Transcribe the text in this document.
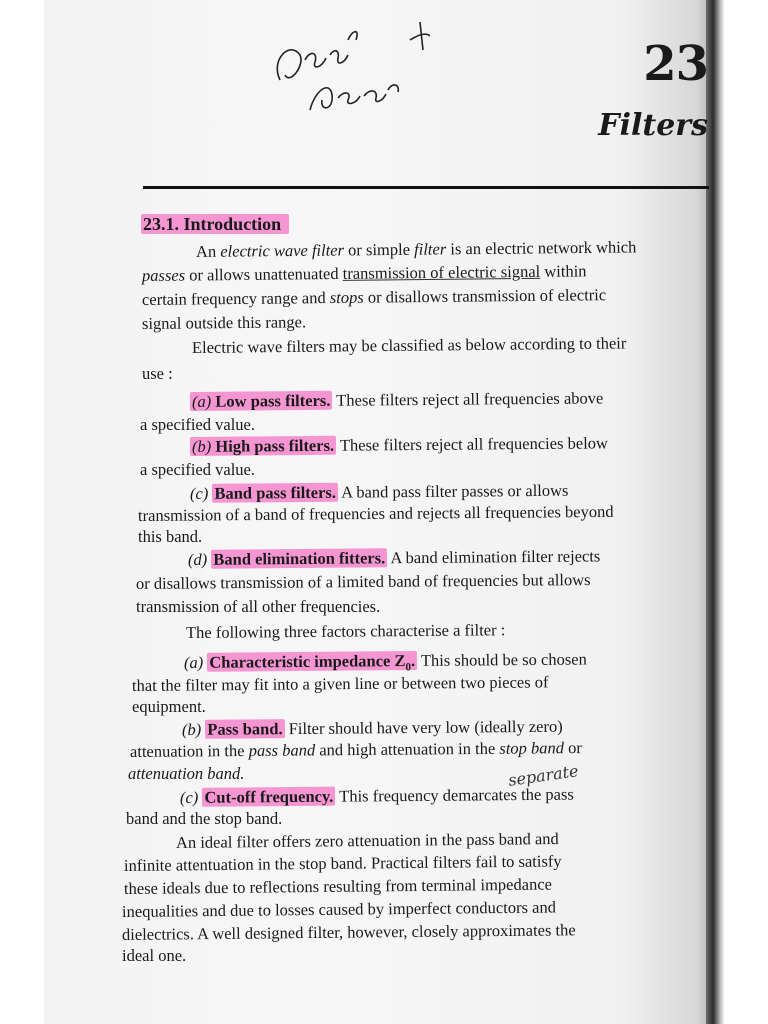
23
Filters
23.1. Introduction
An electric wave filter or simple filter is an electric network which
passes or allows unattenuated transmission of electric signal within
certain frequency range and stops or disallows transmission of electric
signal outside this range.
Electric wave filters may be classified as below according to their
use :
(a) Low pass filters. These filters reject all frequencies above
a specified value.
(b) High pass filters. These filters reject all frequencies below
a specified value.
(c) Band pass filters. A band pass filter passes or allows
transmission of a band of frequencies and rejects all frequencies beyond
this band.
(d) Band elimination fitters. A band elimination filter rejects
or disallows transmission of a limited band of frequencies but allows
transmission of all other frequencies.
The following three factors characterise a filter :
(a) Characteristic impedance $Z_0$. This should be so chosen
that the filter may fit into a given line or between two pieces of
equipment.
(b) Pass band. Filter should have very low (ideally zero)
attenuation in the pass band and high attenuation in the stop band or
attenuation band.	separate
(c) Cut-off frequency. This frequency demarcates the pass
band and the stop band.
An ideal filter offers zero attenuation in the pass band and
infinite attentuation in the stop band. Practical filters fail to satisfy
these ideals due to reflections resulting from terminal impedance
inequalities and due to losses caused by imperfect conductors and
dielectrics. A well designed filter, however, closely approximates the
ideal one.
